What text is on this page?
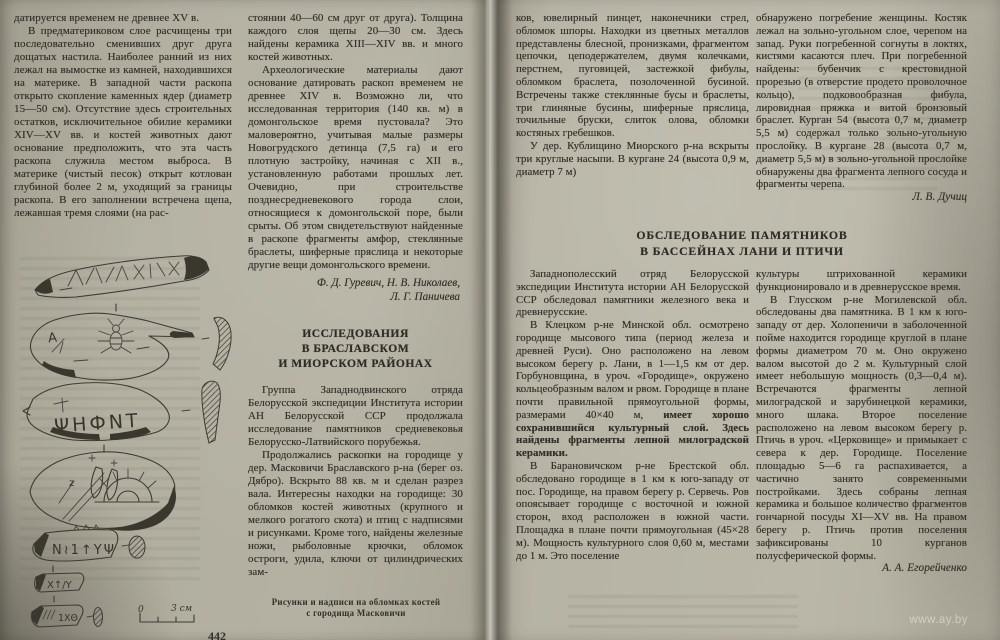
датируется временем не древнее XV в.

В предматериковом слое расчищены три последовательно сменивших друг друга дощатых настила. Наиболее ранний из них лежал на вымостке из камней, находившихся на материке. В западной части раскопа открыто скопление каменных ядер (диаметр 15—50 см). Отсутствие здесь строительных остатков, исключительное обилие керамики XIV—XV вв. и костей животных дают основание предположить, что эта часть раскопа служила местом выброса. В материке (чистый песок) открыт котлован глубиной более 2 м, уходящий за границы раскопа. В его заполнении встречена щепа, лежавшая тремя слоями (на рас-

А
ΨНФNТ
z
N≀1↑YΨ
X↑/Y
1XΘ
0	3 см

стоянии 40—60 см друг от друга). Толщина каждого слоя щепы 20—30 см. Здесь найдены керамика XIII—XIV вв. и много костей животных.

Археологические материалы дают основание датировать раскоп временем не древнее XIV в. Возможно ли, что исследованная территория (140 кв. м) в домонгольское время пустовала? Это маловероятно, учитывая малые размеры Новогрудского детинца (7,5 га) и его плотную застройку, начиная с XII в., установленную работами прошлых лет. Очевидно, при строительстве позднесредневекового города слои, относящиеся к домонгольской поре, были срыты. Об этом свидетельствуют найденные в раскопе фрагменты амфор, стеклянные браслеты, шиферные пряслица и некоторые другие вещи домонгольского времени.

Ф. Д. Гуревич, Н. В. Николаев,
Л. Г. Паничева
ИССЛЕДОВАНИЯ
В БРАСЛАВСКОМ
И МИОРСКОМ РАЙОНАХ

Группа Западнодвинского отряда Белорусской экспедиции Института истории АН Белорусской ССР продолжала исследование памятников средневековья Белорусско-Латвийского порубежья.

Продолжались раскопки на городище у дер. Масковичи Браславского р-на (берег оз. Дябро). Вскрыто 88 кв. м и сделан разрез вала. Интересны находки на городище: 30 обломков костей животных (крупного и мелкого рогатого скота) и птиц с надписями и рисунками. Кроме того, найдены железные ножи, рыболовные крючки, обломок остроги, удила, ключи от цилиндрических зам-

Рисунки и надписи на обломках костей
с городища Масковичи
442

ков, ювелирный пинцет, наконечники стрел, обломок шпоры. Находки из цветных металлов представлены блесной, пронизками, фрагментом цепочки, цеподержателем, двумя колечками, перстнем, пуговицей, застежкой фибулы, обломком браслета, позолоченной бусиной. Встречены также стеклянные бусы и браслеты, три глиняные бусины, шиферные пряслица, точильные бруски, слиток олова, обломки костяных гребешков.

У дер. Кублищино Миорского р-на вскрыты три круглые насыпи. В кургане 24 (высота 0,9 м, диаметр 7 м)

обнаружено погребение женщины. Костяк лежал на зольно-угольном слое, черепом на запад. Руки погребенной согнуты в локтях, кистями касаются плеч. При погребенной найдены: бубенчик с крестовидной прорезью (в отверстие продето проволочное кольцо), подковообразная фибула, лировидная пряжка и витой бронзовый браслет. Курган 54 (высота 0,7 м, диаметр 5,5 м) содержал только зольно-угольную прослойку. В кургане 28 (высота 0,7 м, диаметр 5,5 м) в зольно-угольной прослойке обнаружены два фрагмента лепного сосуда и фрагменты черепа.

Л. В. Дучиц

ОБСЛЕДОВАНИЕ ПАМЯТНИКОВ
В БАССЕЙНАХ ЛАНИ И ПТИЧИ

Западнополесский отряд Белорусской экспедиции Института истории АН Белорусской ССР обследовал памятники железного века и древнерусские.

В Клецком р-не Минской обл. осмотрено городище мысового типа (период железа и древней Руси). Оно расположено на левом высоком берегу р. Лани, в 1—1,5 км от дер. Горбуновщина, в уроч. «Городище», окружено кольцеобразным валом и рвом. Городище в плане почти правильной прямоугольной формы, размерами 40×40 м, имеет хорошо сохранившийся культурный слой. Здесь найдены фрагменты лепной милоградской керамики.

В Барановичском р-не Брестской обл. обследовано городище в 1 км к юго-западу от пос. Городище, на правом берегу р. Сервечь. Ров опоясывает городище с восточной и южной сторон, вход расположен в южной части. Площадка в плане почти прямоугольная (45×28 м). Мощность культурного слоя 0,60 м, местами до 1 м. Это поселение

культуры штрихованной керамики функционировало и в древнерусское время.

В Глусском р-не Могилевской обл. обследованы два памятника. В 1 км к юго-западу от дер. Холопеничи в заболоченной пойме находится городище круглой в плане формы диаметром 70 м. Оно окружено валом высотой до 2 м. Культурный слой имеет небольшую мощность (0,3—0,4 м). Встречаются фрагменты лепной милоградской и зарубинецкой керамики, много шлака. Второе поселение расположено на левом высоком берегу р. Птичь в уроч. «Церковище» и примыкает с севера к дер. Городище. Поселение площадью 5—6 га распахивается, а частично занято современными постройками. Здесь собраны лепная керамика и большое количество фрагментов гончарной посуды XI—XV вв. На правом берегу р. Птичь против поселения зафиксированы 10 курганов полусферической формы.

А. А. Егорейченко

www.ay.by
